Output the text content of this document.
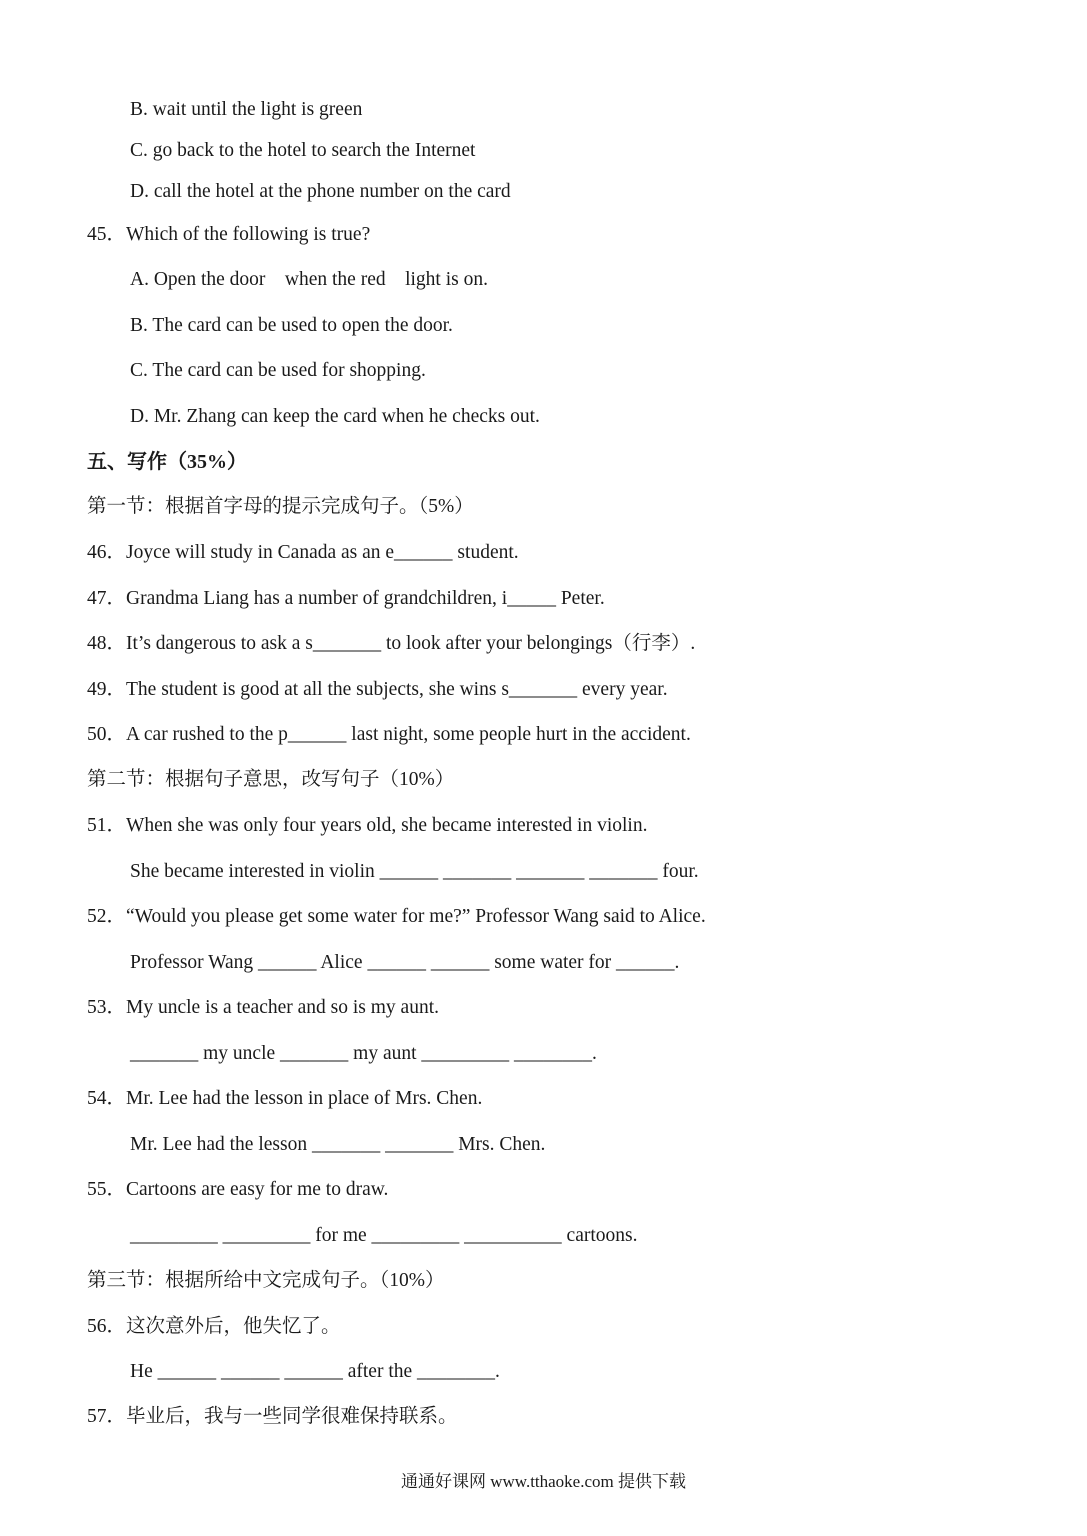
B. wait until the light is green
C. go back to the hotel to search the Internet
D. call the hotel at the phone number on the card
45．Which of the following is true?
A. Open the door    when the red    light is on.
B. The card can be used to open the door.
C. The card can be used for shopping.
D. Mr. Zhang can keep the card when he checks out.
五、写作（35%）
第一节：根据首字母的提示完成句子。（5%）
46．Joyce will study in Canada as an e______ student.
47．Grandma Liang has a number of grandchildren, i_____ Peter.
48．It’s dangerous to ask a s_______ to look after your belongings（行李）.
49．The student is good at all the subjects, she wins s_______ every year.
50．A car rushed to the p______ last night, some people hurt in the accident.
第二节：根据句子意思，改写句子（10%）
51．When she was only four years old, she became interested in violin.
She became interested in violin ______ _______ _______ _______ four.
52．“Would you please get some water for me?” Professor Wang said to Alice.
Professor Wang ______ Alice ______ ______ some water for ______.
53．My uncle is a teacher and so is my aunt.
_______ my uncle _______ my aunt _________ ________.
54．Mr. Lee had the lesson in place of Mrs. Chen.
Mr. Lee had the lesson _______ _______ Mrs. Chen.
55．Cartoons are easy for me to draw.
_________ _________ for me _________ __________ cartoons.
第三节：根据所给中文完成句子。（10%）
56．这次意外后，他失忆了。
He ______ ______ ______ after the ________.
57．毕业后，我与一些同学很难保持联系。
通通好课网 www.tthaoke.com 提供下载
